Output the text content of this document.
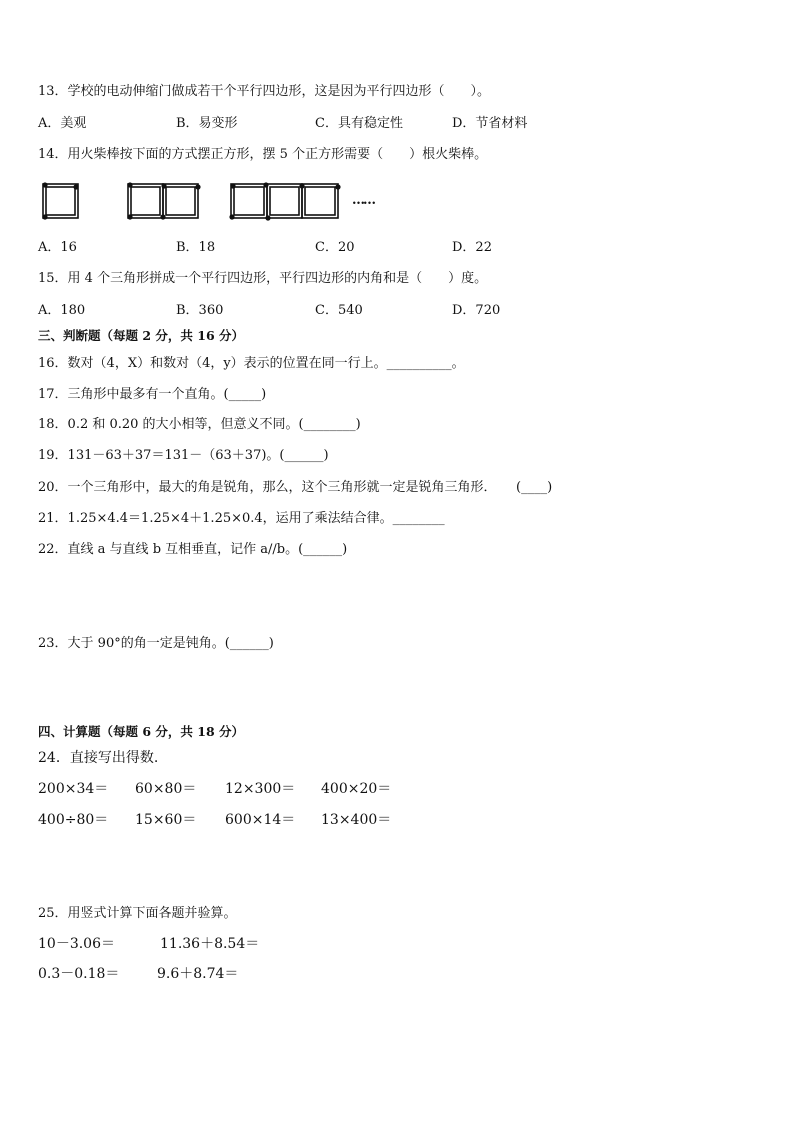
13．学校的电动伸缩门做成若干个平行四边形，这是因为平行四边形（　　）。
A．美观	B．易变形	C．具有稳定性	D．节省材料
14．用火柴棒按下面的方式摆正方形，摆 5 个正方形需要（　　）根火柴棒。
……
A．16	B．18	C．20	D．22
15．用 4 个三角形拼成一个平行四边形，平行四边形的内角和是（　　）度。
A．180	B．360	C．540	D．720
三、判断题（每题 2 分，共 16 分）
16．数对（4，X）和数对（4，y）表示的位置在同一行上。__________。
17．三角形中最多有一个直角。(_____)
18．0.2 和 0.20 的大小相等，但意义不同。(________)
19．131－63＋37＝131－（63＋37)。(______)
20．一个三角形中，最大的角是锐角，那么，这个三角形就一定是锐角三角形．　　(____)
21．1.25×4.4＝1.25×4＋1.25×0.4，运用了乘法结合律。________
22．直线 a 与直线 b 互相垂直，记作 a//b。(______)
23．大于 90°的角一定是钝角。(______)
四、计算题（每题 6 分，共 18 分）
24．直接写出得数.
200×34＝ 60×80＝ 12×300＝ 400×20＝
400÷80＝ 15×60＝ 600×14＝ 13×400＝
25．用竖式计算下面各题并验算。
10－3.06＝	11.36＋8.54＝
0.3－0.18＝	9.6＋8.74＝
